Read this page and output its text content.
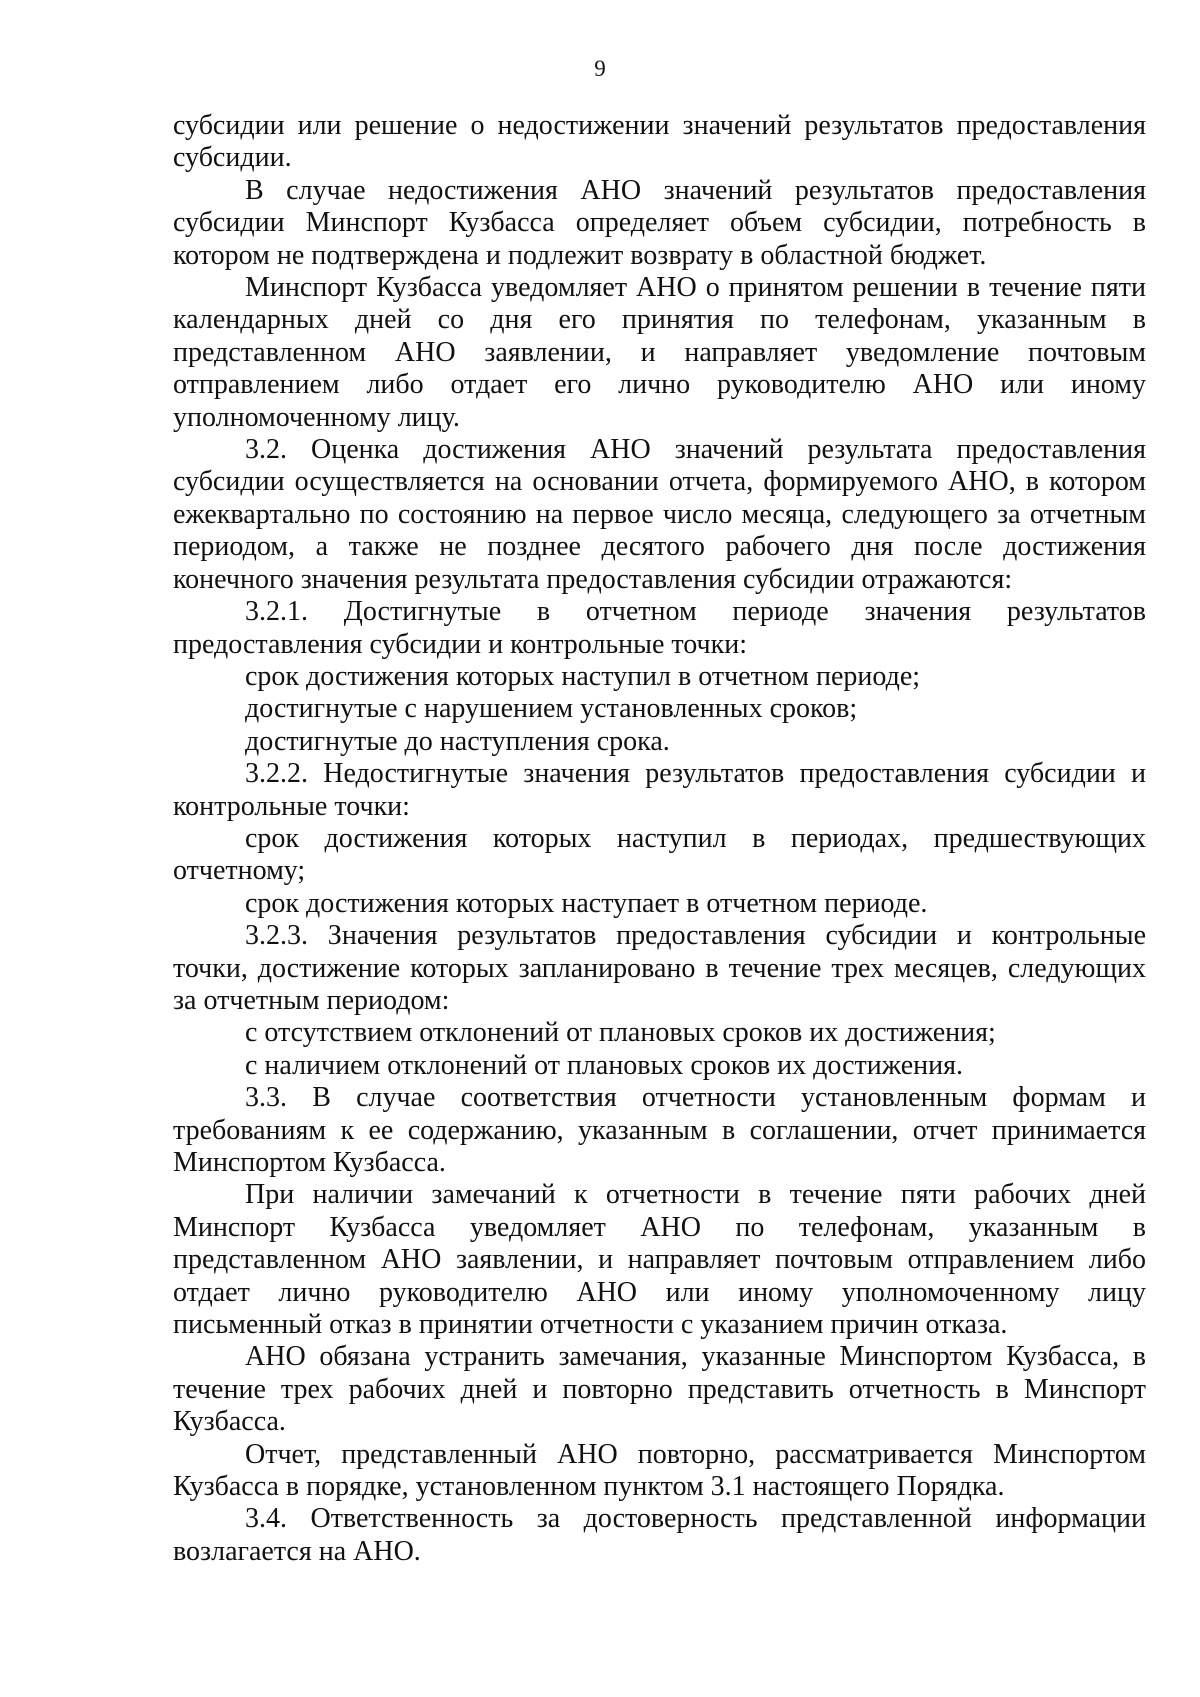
9

субсидии или решение о недостижении значений результатов предоставления субсидии.

В случае недостижения АНО значений результатов предоставления субсидии Минспорт Кузбасса определяет объем субсидии, потребность в котором не подтверждена и подлежит возврату в областной бюджет.

Минспорт Кузбасса уведомляет АНО о принятом решении в течение пяти календарных дней со дня его принятия по телефонам, указанным в представленном АНО заявлении, и направляет уведомление почтовым отправлением либо отдает его лично руководителю АНО или иному уполномоченному лицу.

3.2. Оценка достижения АНО значений результата предоставления субсидии осуществляется на основании отчета, формируемого АНО, в котором ежеквартально по состоянию на первое число месяца, следующего за отчетным периодом, а также не позднее десятого рабочего дня после достижения конечного значения результата предоставления субсидии отражаются:

3.2.1. Достигнутые в отчетном периоде значения результатов предоставления субсидии и контрольные точки:

срок достижения которых наступил в отчетном периоде;

достигнутые с нарушением установленных сроков;

достигнутые до наступления срока.

3.2.2. Недостигнутые значения результатов предоставления субсидии и контрольные точки:

срок достижения которых наступил в периодах, предшествующих отчетному;

срок достижения которых наступает в отчетном периоде.

3.2.3. Значения результатов предоставления субсидии и контрольные точки, достижение которых запланировано в течение трех месяцев, следующих за отчетным периодом:

с отсутствием отклонений от плановых сроков их достижения;

с наличием отклонений от плановых сроков их достижения.

3.3. В случае соответствия отчетности установленным формам и требованиям к ее содержанию, указанным в соглашении, отчет принимается Минспортом Кузбасса.

При наличии замечаний к отчетности в течение пяти рабочих дней Минспорт Кузбасса уведомляет АНО по телефонам, указанным в представленном АНО заявлении, и направляет почтовым отправлением либо отдает лично руководителю АНО или иному уполномоченному лицу письменный отказ в принятии отчетности с указанием причин отказа.

АНО обязана устранить замечания, указанные Минспортом Кузбасса, в течение трех рабочих дней и повторно представить отчетность в Минспорт Кузбасса.

Отчет, представленный АНО повторно, рассматривается Минспортом Кузбасса в порядке, установленном пунктом 3.1 настоящего Порядка.

3.4. Ответственность за достоверность представленной информации возлагается на АНО.
